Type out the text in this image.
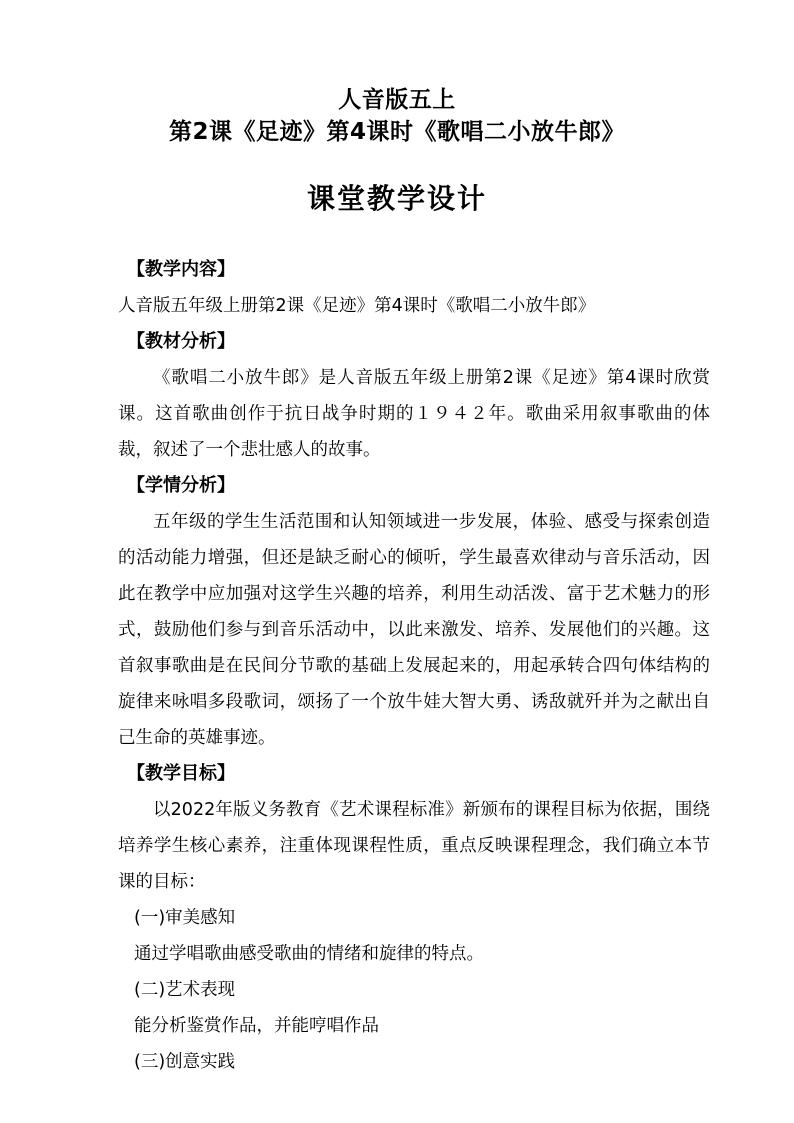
人音版五上
第2课《足迹》第4课时《歌唱二小放牛郎》
课堂教学设计
【教学内容】
人音版五年级上册第2课《足迹》第4课时《歌唱二小放牛郎》
【教材分析】

《歌唱二小放牛郎》是人音版五年级上册第2课《足迹》第4课时欣赏课。这首歌曲创作于抗日战争时期的１９４２年。歌曲采用叙事歌曲的体裁，叙述了一个悲壮感人的故事。

【学情分析】

五年级的学生生活范围和认知领域进一步发展，体验、感受与探索创造的活动能力增强，但还是缺乏耐心的倾听，学生最喜欢律动与音乐活动，因此在教学中应加强对这学生兴趣的培养，利用生动活泼、富于艺术魅力的形式，鼓励他们参与到音乐活动中，以此来激发、培养、发展他们的兴趣。这首叙事歌曲是在民间分节歌的基础上发展起来的，用起承转合四句体结构的旋律来咏唱多段歌词，颂扬了一个放牛娃大智大勇、诱敌就歼并为之献出自己生命的英雄事迹。

【教学目标】

以2022年版义务教育《艺术课程标准》新颁布的课程目标为依据，围绕培养学生核心素养，注重体现课程性质，重点反映课程理念，我们确立本节课的目标：

(一)审美感知
通过学唱歌曲感受歌曲的情绪和旋律的特点。
(二)艺术表现
能分析鉴赏作品，并能哼唱作品
(三)创意实践
